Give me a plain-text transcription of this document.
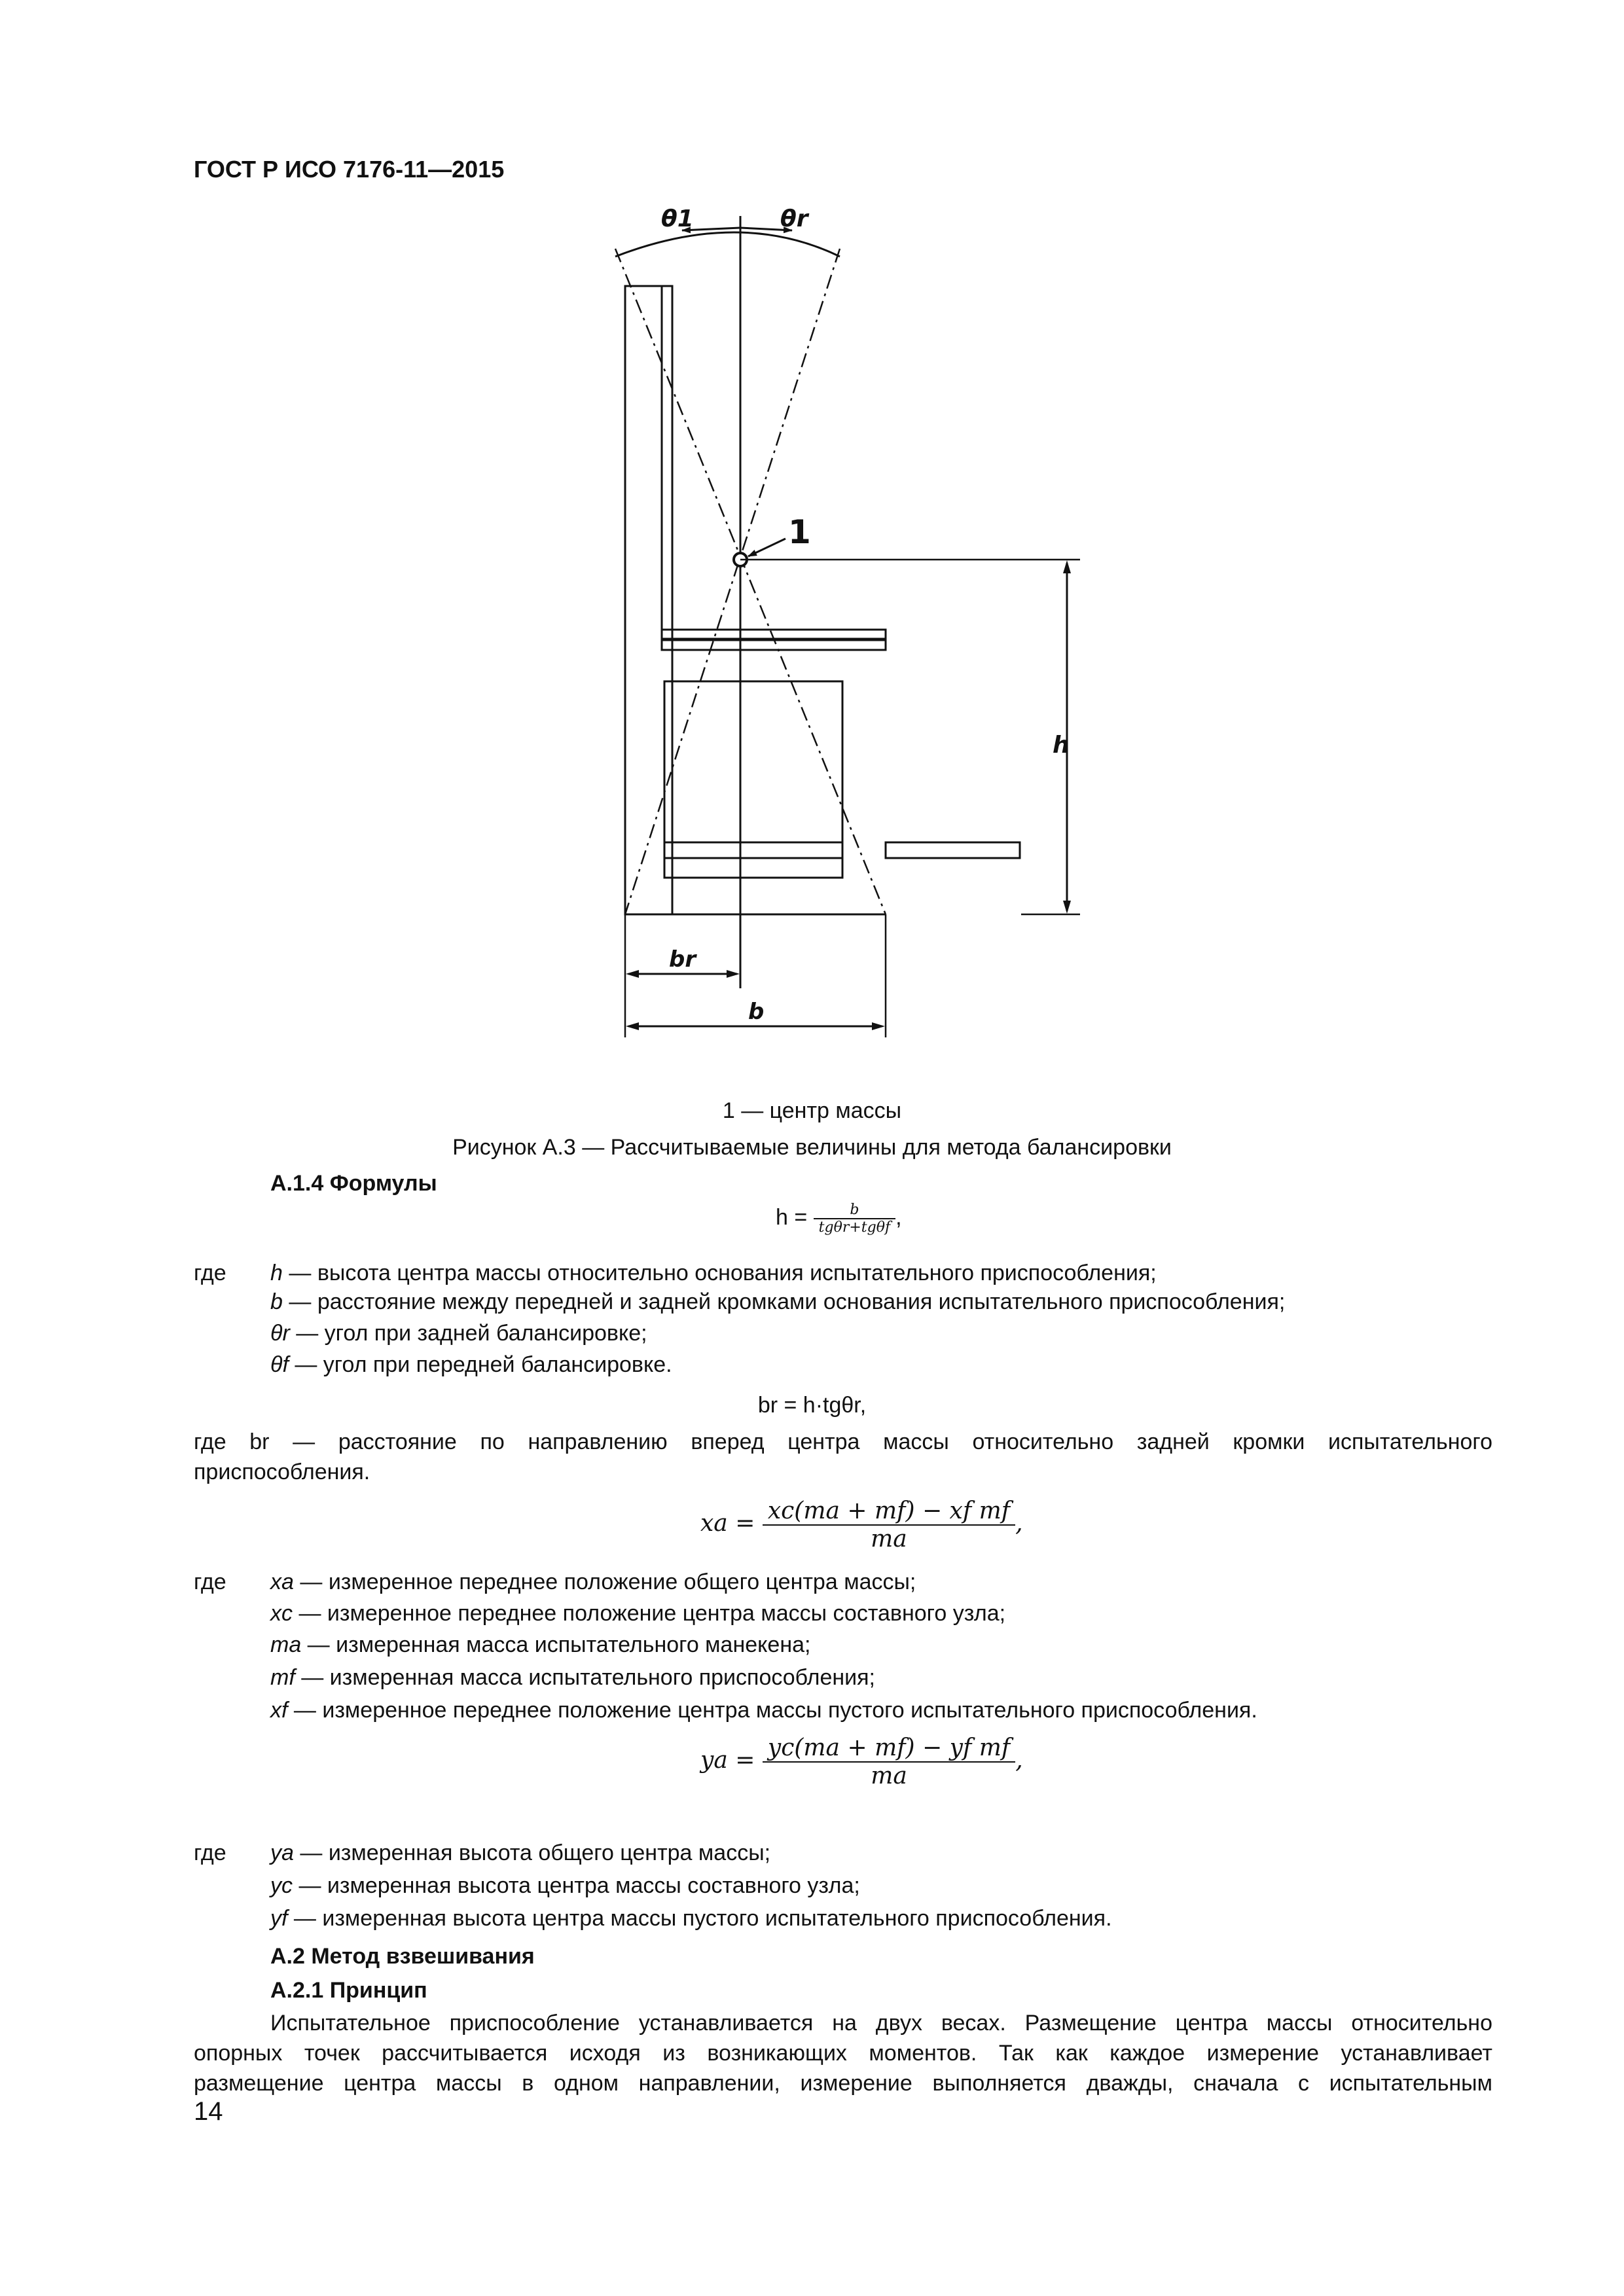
ГОСТ Р ИСО 7176-11—2015
θ1	θr
1
h
br
b
1 — центр массы
Рисунок А.3 — Рассчитываемые величины для метода балансировки
А.1.4 Формулы
$h = \frac{b}{\text{tgθr+tgθf}}$ ,
где h — высота центра массы относительно основания испытательного приспособления;
b — расстояние между передней и задней кромками основания испытательного приспособления;
θr — угол при задней балансировке;
θf — угол при передней балансировке.
br = h·tgθr,
где br — расстояние по направлению вперед центра массы относительно задней кромки испытательного
приспособления.
xa = $\frac{\text{xc(ma + mf) − xf mf}}{ma}$ ,
где xa — измеренное переднее положение общего центра массы;
xc — измеренное переднее положение центра массы составного узла;
ma — измеренная масса испытательного манекена;
mf — измеренная масса испытательного приспособления;
xf — измеренное переднее положение центра массы пустого испытательного приспособления.
ya = $\frac{\text{yc(ma + mf) − yf mf}}{ma}$ ,
где ya — измеренная высота общего центра массы;
yc — измеренная высота центра массы составного узла;
yf — измеренная высота центра массы пустого испытательного приспособления.
А.2 Метод взвешивания
А.2.1 Принцип
Испытательное приспособление устанавливается на двух весах. Размещение центра массы относительно
опорных точек рассчитывается исходя из возникающих моментов. Так как каждое измерение устанавливает
размещение центра массы в одном направлении, измерение выполняется дважды, сначала с испытательным
14
